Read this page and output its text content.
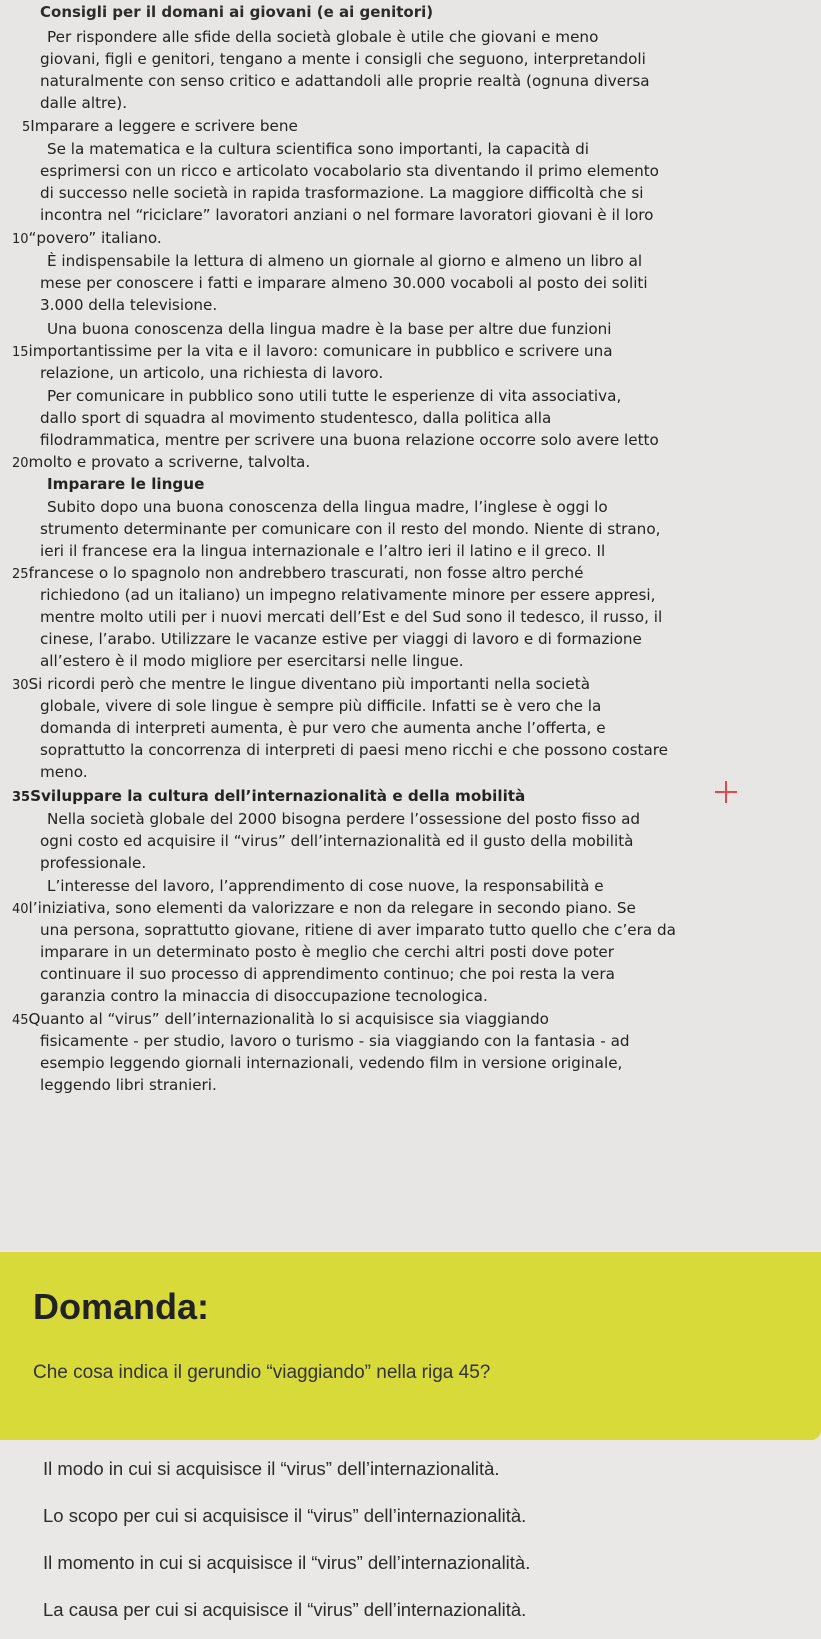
Consigli per il domani ai giovani (e ai genitori)

Per rispondere alle sfide della società globale è utile che giovani e meno

giovani, figli e genitori, tengano a mente i consigli che seguono, interpretandoli

naturalmente con senso critico e adattandoli alle proprie realtà (ognuna diversa

dalle altre).

5Imparare a leggere e scrivere bene

Se la matematica e la cultura scientifica sono importanti, la capacità di

esprimersi con un ricco e articolato vocabolario sta diventando il primo elemento

di successo nelle società in rapida trasformazione. La maggiore difficoltà che si

incontra nel “riciclare” lavoratori anziani o nel formare lavoratori giovani è il loro

10“povero” italiano.

È indispensabile la lettura di almeno un giornale al giorno e almeno un libro al

mese per conoscere i fatti e imparare almeno 30.000 vocaboli al posto dei soliti

3.000 della televisione.

Una buona conoscenza della lingua madre è la base per altre due funzioni

15importantissime per la vita e il lavoro: comunicare in pubblico e scrivere una

relazione, un articolo, una richiesta di lavoro.

Per comunicare in pubblico sono utili tutte le esperienze di vita associativa,

dallo sport di squadra al movimento studentesco, dalla politica alla

filodrammatica, mentre per scrivere una buona relazione occorre solo avere letto

20molto e provato a scriverne, talvolta.

Imparare le lingue

Subito dopo una buona conoscenza della lingua madre, l’inglese è oggi lo

strumento determinante per comunicare con il resto del mondo. Niente di strano,

ieri il francese era la lingua internazionale e l’altro ieri il latino e il greco. Il

25francese o lo spagnolo non andrebbero trascurati, non fosse altro perché

richiedono (ad un italiano) un impegno relativamente minore per essere appresi,

mentre molto utili per i nuovi mercati dell’Est e del Sud sono il tedesco, il russo, il

cinese, l’arabo. Utilizzare le vacanze estive per viaggi di lavoro e di formazione

all’estero è il modo migliore per esercitarsi nelle lingue.

30Si ricordi però che mentre le lingue diventano più importanti nella società

globale, vivere di sole lingue è sempre più difficile. Infatti se è vero che la

domanda di interpreti aumenta, è pur vero che aumenta anche l’offerta, e

soprattutto la concorrenza di interpreti di paesi meno ricchi e che possono costare

meno.

35Sviluppare la cultura dell’internazionalità e della mobilità

Nella società globale del 2000 bisogna perdere l’ossessione del posto fisso ad

ogni costo ed acquisire il “virus” dell’internazionalità ed il gusto della mobilità

professionale.

L’interesse del lavoro, l’apprendimento di cose nuove, la responsabilità e

40l’iniziativa, sono elementi da valorizzare e non da relegare in secondo piano. Se

una persona, soprattutto giovane, ritiene di aver imparato tutto quello che c’era da

imparare in un determinato posto è meglio che cerchi altri posti dove poter

continuare il suo processo di apprendimento continuo; che poi resta la vera

garanzia contro la minaccia di disoccupazione tecnologica.

45Quanto al “virus” dell’internazionalità lo si acquisisce sia viaggiando

fisicamente - per studio, lavoro o turismo - sia viaggiando con la fantasia - ad

esempio leggendo giornali internazionali, vedendo film in versione originale,

leggendo libri stranieri.

Domanda:

Che cosa indica il gerundio “viaggiando” nella riga 45?

Il modo in cui si acquisisce il “virus” dell’internazionalità.
Lo scopo per cui si acquisisce il “virus” dell’internazionalità.
Il momento in cui si acquisisce il “virus” dell’internazionalità.
La causa per cui si acquisisce il “virus” dell’internazionalità.
